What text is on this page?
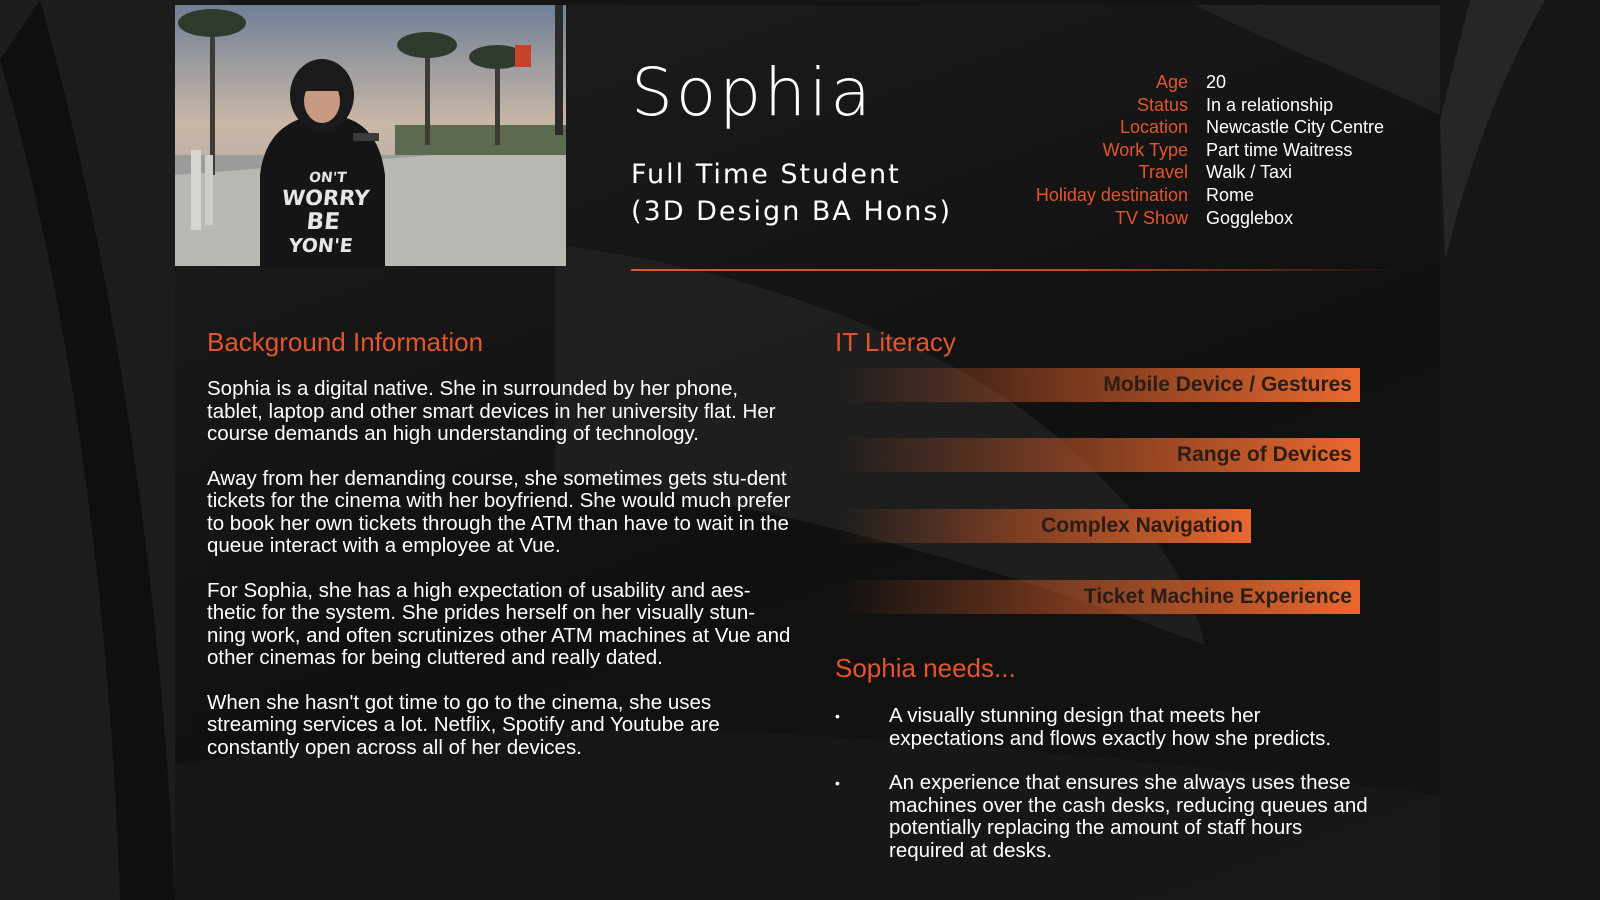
ON'T
WORRY
BE
YON'E
Sophia
Full Time Student
(3D Design BA Hons)
Age	20
Status	In a relationship
Location	Newcastle City Centre
Work Type	Part time Waitress
Travel	Walk / Taxi
Holiday destination	Rome
TV Show	Gogglebox
Background Information

Sophia is a digital native. She in surrounded by her phone, tablet, laptop and other smart devices in her university flat. Her course demands an high understanding of technology.

Away from her demanding course, she sometimes gets stu-dent tickets for the cinema with her boyfriend. She would much prefer to book her own tickets through the ATM than have to wait in the queue interact with a employee at Vue.

For Sophia, she has a high expectation of usability and aes-thetic for the system. She prides herself on her visually stun-ning work, and often scrutinizes other ATM machines at Vue and other cinemas for being cluttered and really dated.

When she hasn't got time to go to the cinema, she uses streaming services a lot. Netflix, Spotify and Youtube are constantly open across all of her devices.

IT Literacy
Mobile Device / Gestures
Range of Devices
Complex Navigation
Ticket Machine Experience
Sophia needs...
• A visually stunning design that meets her expectations and flows exactly how she predicts.
• An experience that ensures she always uses these machines over the cash desks, reducing queues and potentially replacing the amount of staff hours required at desks.
